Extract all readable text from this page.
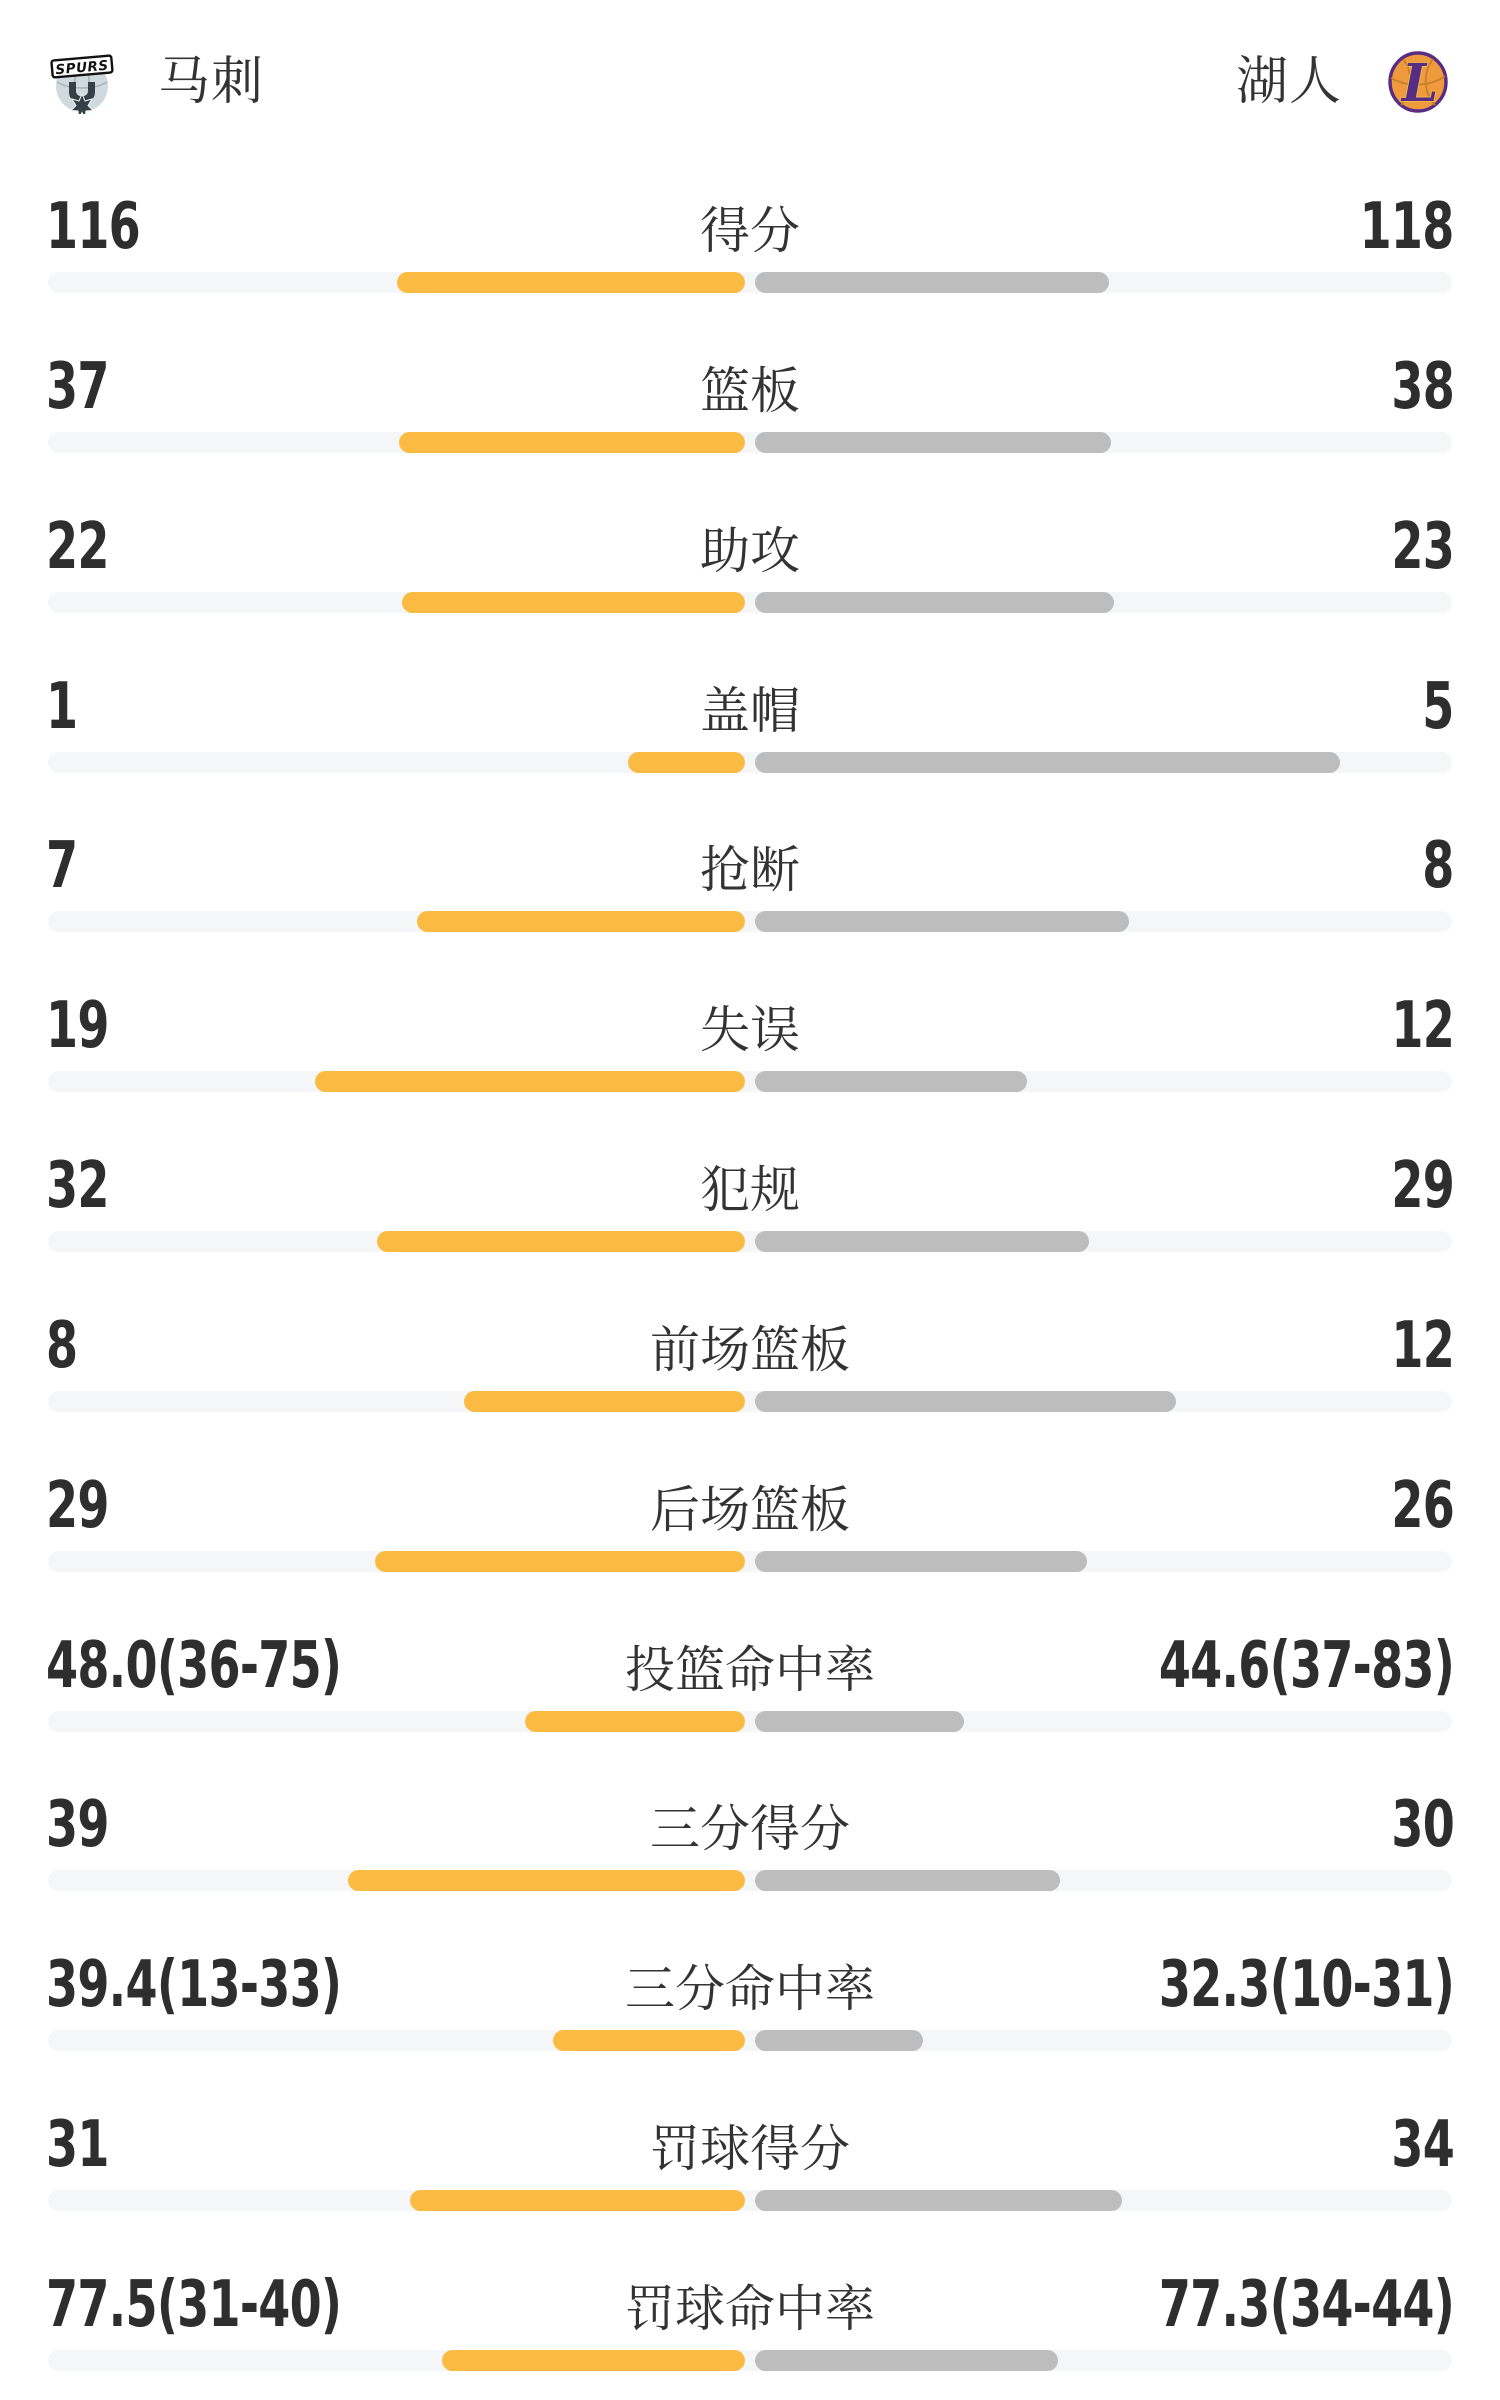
SPURS 马刺	湖人 L
116	得分	118
37	篮板	38
22	助攻	23
1	盖帽	5
7	抢断	8
19	失误	12
32	犯规	29
8	前场篮板	12
29	后场篮板	26
48.0(36-75)	投篮命中率	44.6(37-83)
39	三分得分	30
39.4(13-33)	三分命中率	32.3(10-31)
31	罚球得分	34
77.5(31-40)	罚球命中率	77.3(34-44)
